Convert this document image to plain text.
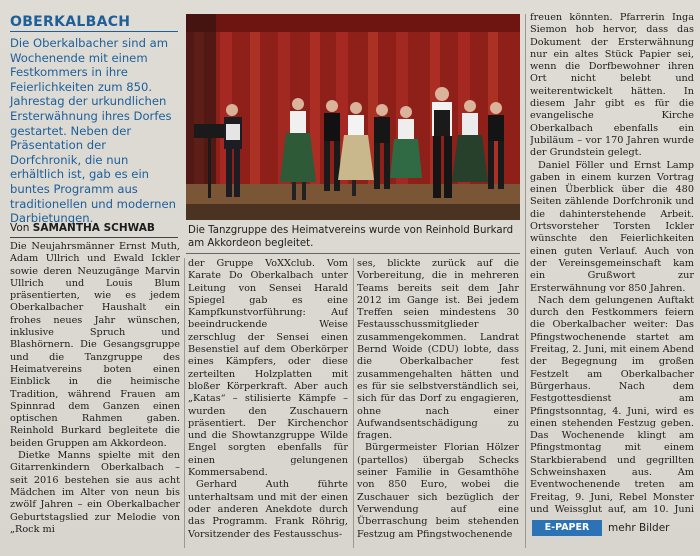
OBERKALBACH
Die Oberkalbacher sind am Wochenende mit einem Festkommers in ihre Feierlichkeiten zum 850. Jahrestag der urkundlichen Ersterwähnung ihres Dorfes gestartet. Neben der Präsentation der Dorfchronik, die nun erhältlich ist, gab es ein buntes Programm aus traditionellen und modernen Darbietungen.
Von SAMANTHA SCHWAB	Die Tanzgruppe des Heimatvereins wurde von Reinhold Burkard am Akkordeon begleitet.

Die Neujahrsmänner Ernst Muth, Adam Ullrich und Ewald Ickler sowie deren Neuzugänge Marvin Ullrich und Louis Blum präsentierten, wie es jedem Oberkalbacher Haushalt ein frohes neues Jahr wünschen, inklusive Spruch und Blashörnern. Die Gesangsgruppe und die Tanzgruppe des Heimatvereins boten einen Einblick in die heimische Tradition, während Frauen am Spinnrad dem Ganzen einen optischen Rahmen gaben. Reinhold Burkard begleitete die beiden Gruppen am Akkordeon.

Dietke Manns spielte mit den Gitarrenkindern Oberkalbach – seit 2016 bestehen sie aus acht Mädchen im Alter von neun bis zwölf Jahren – ein Oberkalbacher Geburtstagslied zur Melodie von „Rock mi

der Gruppe VoXXclub. Vom Karate Do Oberkalbach unter Leitung von Sensei Harald Spiegel gab es eine Kampfkunstvorführung: Auf beeindruckende Weise zerschlug der Sensei einen Besenstiel auf dem Oberkörper eines Kämpfers, oder diese zerteilten Holzplatten mit bloßer Körperkraft. Aber auch „Katas“ – stilisierte Kämpfe – wurden den Zuschauern präsentiert. Der Kirchenchor und die Showtanzgruppe Wilde Engel sorgten ebenfalls für einen gelungenen Kommersabend.

Gerhard Auth führte unterhaltsam und mit der einen oder anderen Anekdote durch das Programm. Frank Röhrig, Vorsitzender des Festausschus-

ses, blickte zurück auf die Vorbereitung, die in mehreren Teams bereits seit dem Jahr 2012 im Gange ist. Bei jedem Treffen seien mindestens 30 Festausschussmitglieder zusammengekommen. Landrat Bernd Woide (CDU) lobte, dass die Oberkalbacher fest zusammengehalten hätten und es für sie selbstverständlich sei, sich für das Dorf zu engagieren, ohne nach einer Aufwandsentschädigung zu fragen.

Bürgermeister Florian Hölzer (partellos) übergab Schecks seiner Familie in Gesamthöhe von 850 Euro, wobei die Zuschauer sich bezüglich der Verwendung auf eine Überraschung beim stehenden Festzug am Pfingstwochenende

freuen könnten. Pfarrerin Inga Siemon hob hervor, dass das Dokument der Ersterwähnung nur ein altes Stück Papier sei, wenn die Dorfbewohner ihren Ort nicht belebt und weiterentwickelt hätten. In diesem Jahr gibt es für die evangelische Kirche Oberkalbach ebenfalls ein Jubiläum – vor 170 Jahren wurde der Grundstein gelegt.

Daniel Föller und Ernst Lamp gaben in einem kurzen Vortrag einen Überblick über die 480 Seiten zählende Dorfchronik und die dahinterstehende Arbeit. Ortsvorsteher Torsten Ickler wünschte den Feierlichkeiten einen guten Verlauf. Auch von der Vereinsgemeinschaft kam ein Grußwort zur Ersterwähnung vor 850 Jahren.

Nach dem gelungenen Auftakt durch den Festkommers feiern die Oberkalbacher weiter: Das Pfingstwochenende startet am Freitag, 2. Juni, mit einem Abend der Begegnung im großen Festzelt am Oberkalbacher Bürgerhaus. Nach dem Festgottesdienst am Pfingstsonntag, 4. Juni, wird es einen stehenden Festzug geben. Das Wochenende klingt am Pfingstmontag mit einem Starkbierabend und gegrillten Schweinshaxen aus. Am Eventwochenende treten am Freitag, 9. Juni, Rebel Monster und Weissglut auf, am 10. Juni

E-PAPER	mehr Bilder
